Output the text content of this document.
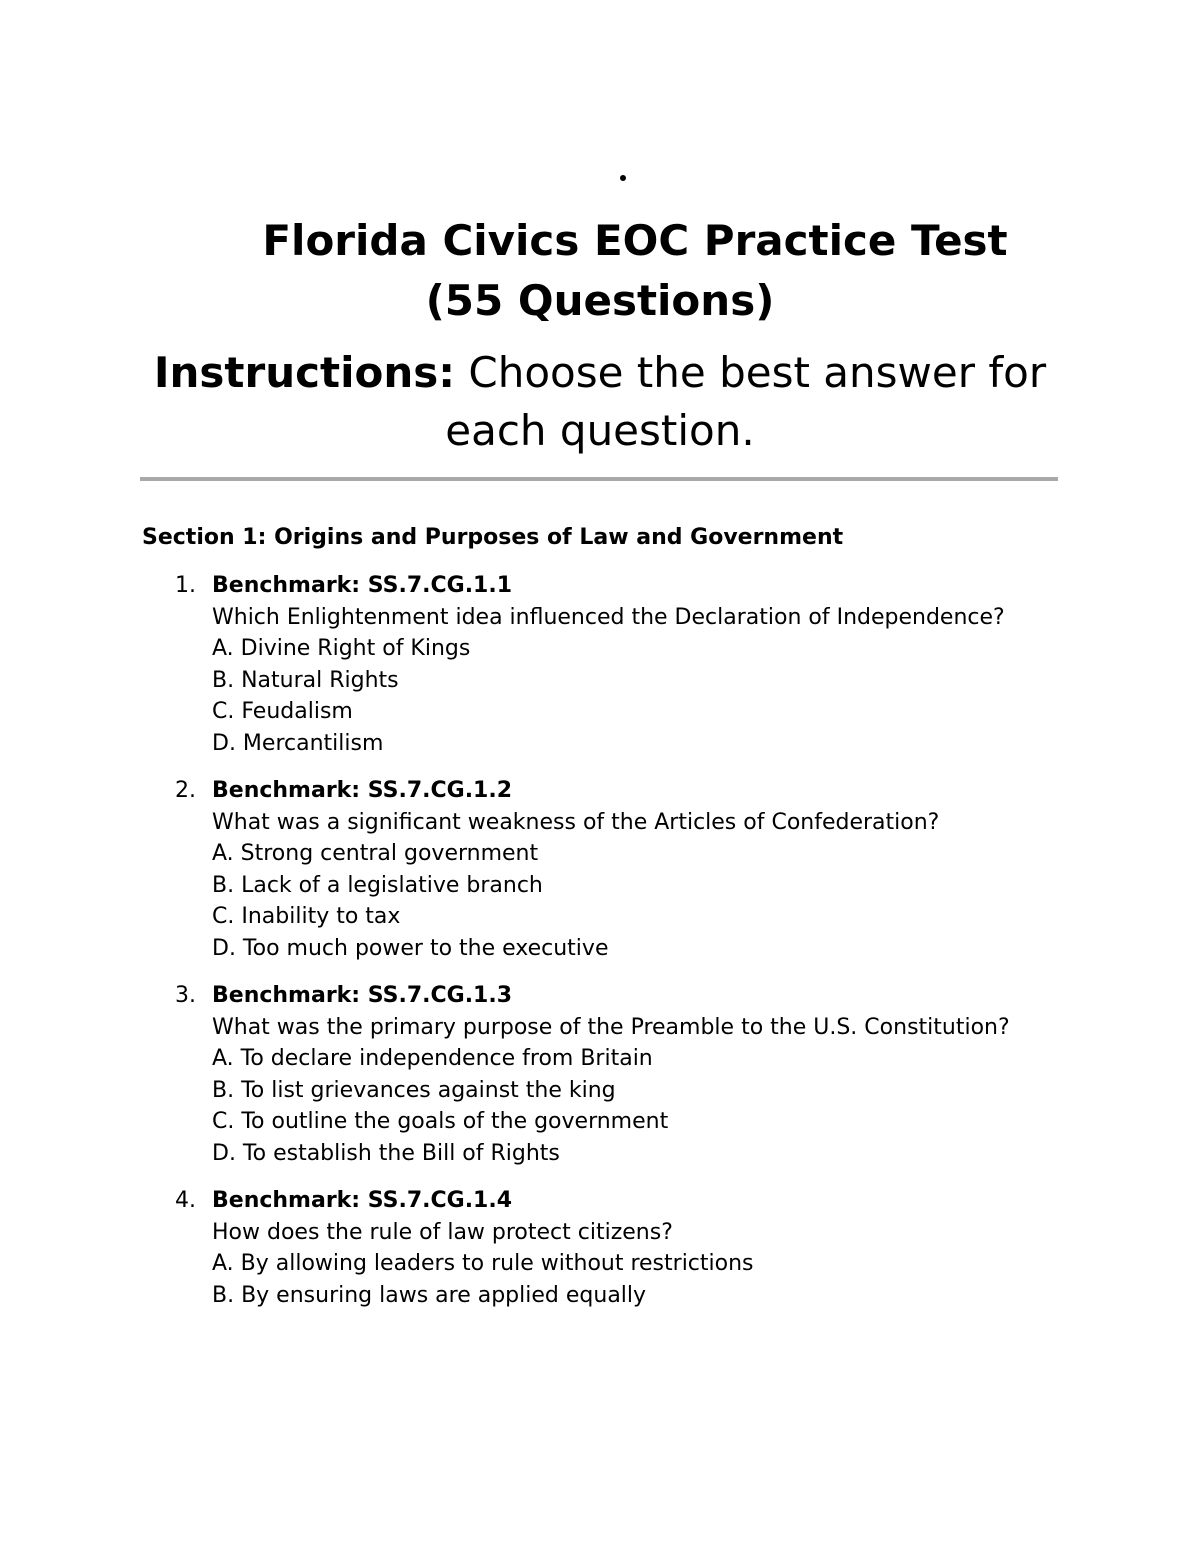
Florida Civics EOC Practice Test
(55 Questions)

Instructions: Choose the best answer for each question.

Section 1: Origins and Purposes of Law and Government
1. Benchmark: SS.7.CG.1.1
Which Enlightenment idea influenced the Declaration of Independence?
A. Divine Right of Kings
B. Natural Rights
C. Feudalism
D. Mercantilism
2. Benchmark: SS.7.CG.1.2
What was a significant weakness of the Articles of Confederation?
A. Strong central government
B. Lack of a legislative branch
C. Inability to tax
D. Too much power to the executive
3. Benchmark: SS.7.CG.1.3
What was the primary purpose of the Preamble to the U.S. Constitution?
A. To declare independence from Britain
B. To list grievances against the king
C. To outline the goals of the government
D. To establish the Bill of Rights
4. Benchmark: SS.7.CG.1.4
How does the rule of law protect citizens?
A. By allowing leaders to rule without restrictions
B. By ensuring laws are applied equally
